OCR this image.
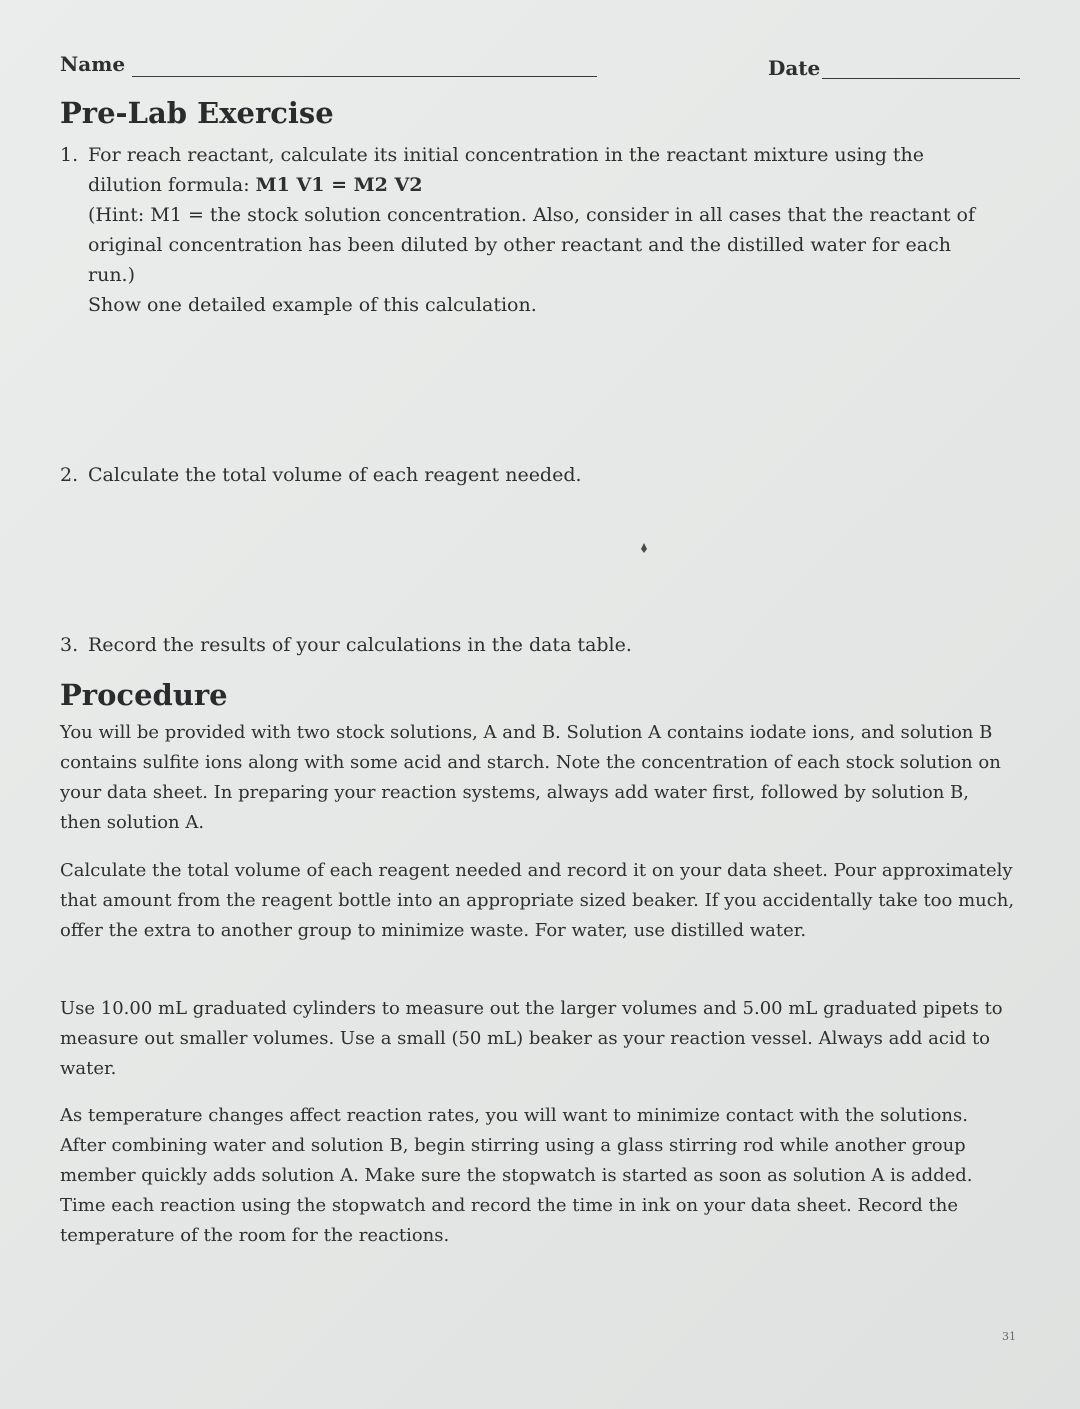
Name	Date
Pre-Lab Exercise
1. For reach reactant, calculate its initial concentration in the reactant mixture using the dilution formula: M1 V1 = M2 V2
(Hint: M1 = the stock solution concentration. Also, consider in all cases that the reactant of original concentration has been diluted by other reactant and the distilled water for each run.)
Show one detailed example of this calculation.
2. Calculate the total volume of each reagent needed.
3. Record the results of your calculations in the data table.
Procedure

You will be provided with two stock solutions, A and B. Solution A contains iodate ions, and solution B contains sulfite ions along with some acid and starch. Note the concentration of each stock solution on your data sheet. In preparing your reaction systems, always add water first, followed by solution B, then solution A.

Calculate the total volume of each reagent needed and record it on your data sheet. Pour approximately that amount from the reagent bottle into an appropriate sized beaker. If you accidentally take too much, offer the extra to another group to minimize waste. For water, use distilled water.

Use 10.00 mL graduated cylinders to measure out the larger volumes and 5.00 mL graduated pipets to measure out smaller volumes. Use a small (50 mL) beaker as your reaction vessel. Always add acid to water.

As temperature changes affect reaction rates, you will want to minimize contact with the solutions. After combining water and solution B, begin stirring using a glass stirring rod while another group member quickly adds solution A. Make sure the stopwatch is started as soon as solution A is added. Time each reaction using the stopwatch and record the time in ink on your data sheet. Record the temperature of the room for the reactions.

31
